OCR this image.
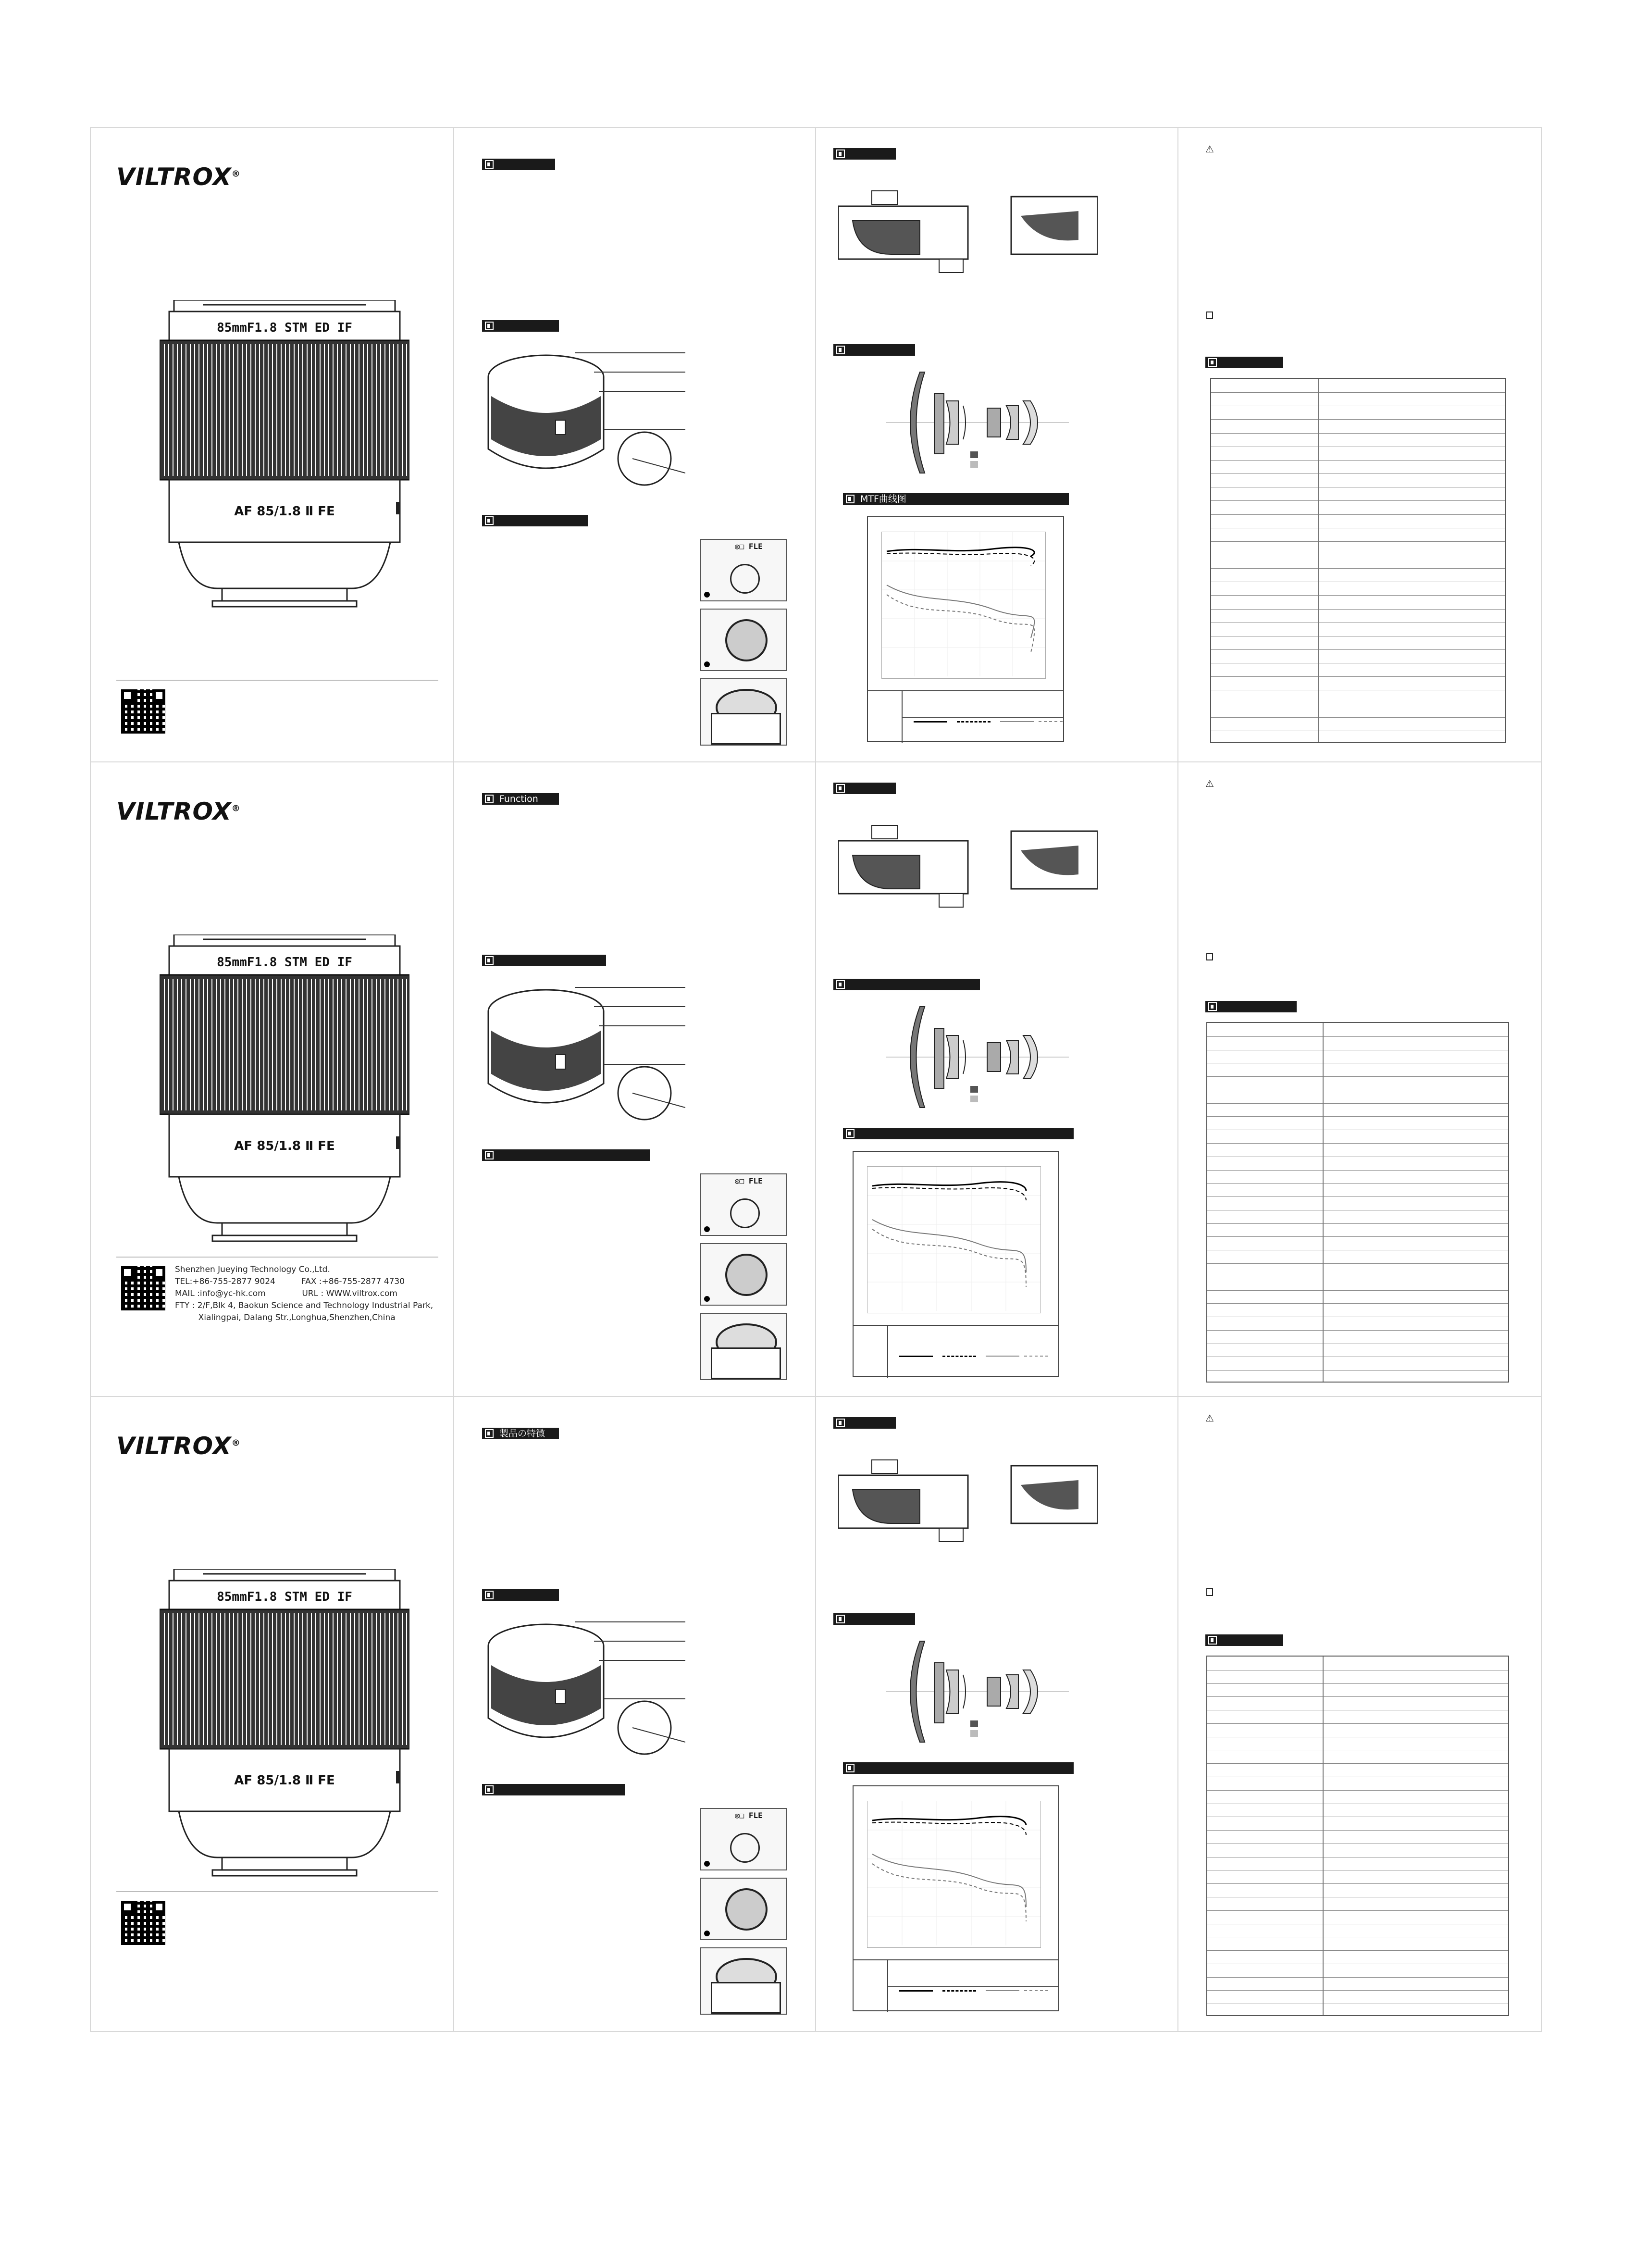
VILTROX®
85mmF1.8 STM ED IF
AF 85/1.8 Ⅱ FE
◎□ FLE
MTF曲线图
⚠
VILTROX®
85mmF1.8 STM ED IF
AF 85/1.8 Ⅱ FE
Shenzhen Jueying Technology Co.,Ltd.
TEL:+86-755-2877 9024          FAX :+86-755-2877 4730
MAIL :info@yc-hk.com              URL : WWW.viltrox.com
FTY : 2/F,Blk 4, Baokun Science and Technology Industrial Park,
Xialingpai, Dalang Str.,Longhua,Shenzhen,China
Function
◎□ FLE
⚠
VILTROX®
85mmF1.8 STM ED IF
AF 85/1.8 Ⅱ FE
製品の特徴
◎□ FLE
⚠
